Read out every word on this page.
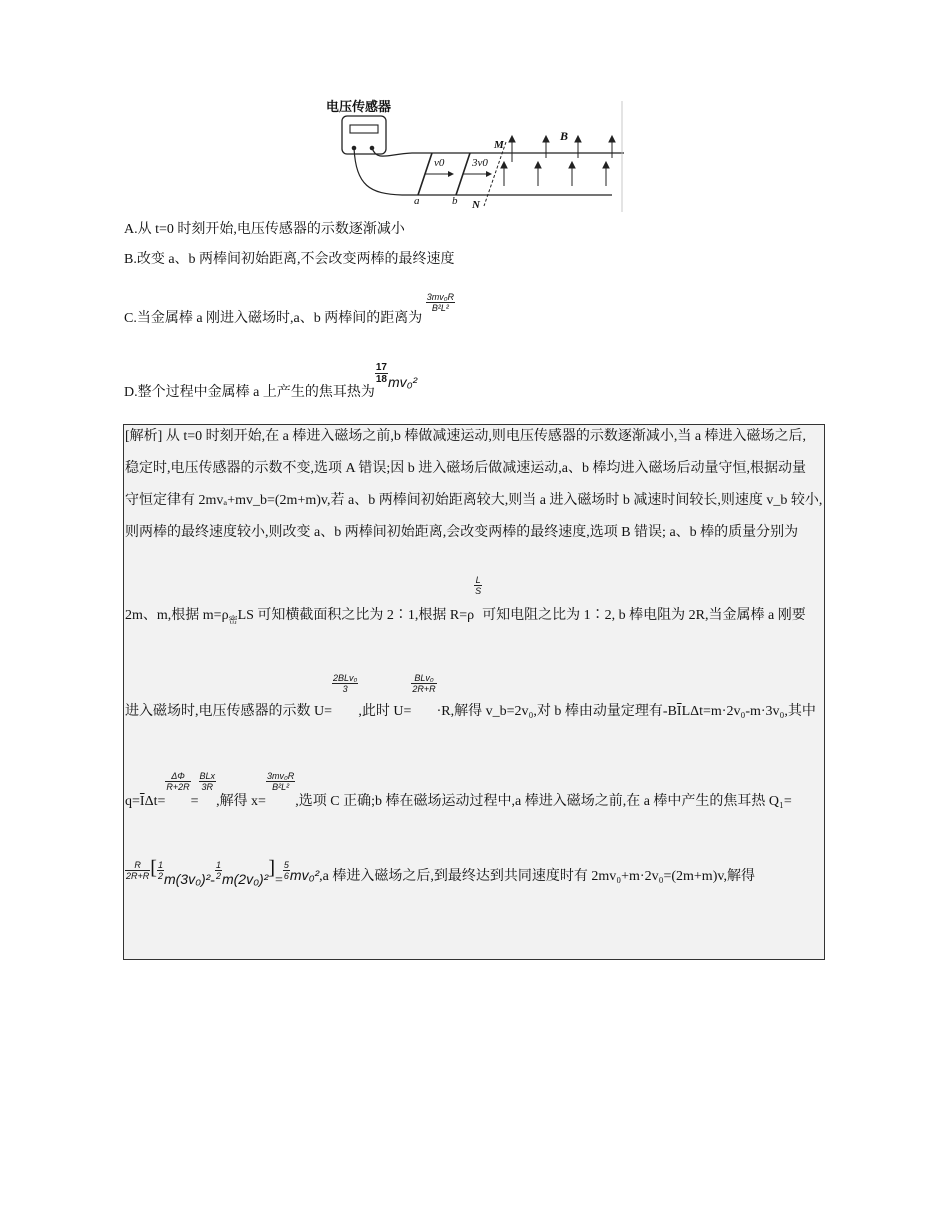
电压传感器
v0	3v0
M
N
a	b
B
A.从 t=0 时刻开始,电压传感器的示数逐渐减小
B.改变 a、b 两棒间初始距离,不会改变两棒的最终速度
C.当金属棒 a 刚进入磁场时,a、b 两棒间的距离为
$\frac{\text{3mv₀R}}{\text{B²L²}}$
D.整个过程中金属棒 a 上产生的焦耳热为
$\frac{17}{18} mv_0^2$
[解析] 从 t=0 时刻开始,在 a 棒进入磁场之前,b 棒做减速运动,则电压传感器的示数逐渐减小,当 a 棒进入磁场之后,
稳定时,电压传感器的示数不变,选项 A 错误;因 b 进入磁场后做减速运动,a、b 棒均进入磁场后动量守恒,根据动量
守恒定律有 2mvₐ+mv_b=(2m+m)v,若 a、b 两棒间初始距离较大,则当 a 进入磁场时 b 减速时间较长,则速度 v_b 较小,
则两棒的最终速度较小,则改变 a、b 两棒间初始距离,会改变两棒的最终速度,选项 B 错误; a、b 棒的质量分别为
2m、m,根据 $m=\rho_密LS$ 可知横截面积之比为 2∶1,根据 R=ρ
$\frac{L}{S}$
可知电阻之比为 1∶2, b 棒电阻为 2R,当金属棒 a 刚要
进入磁场时,电压传感器的示数 U=
$\frac{\text{2BLv₀}}{3}$
,此时 U=
$\frac{\text{BLv₀}}{2R+R}$
·R,解得 v_b=2v₀,对 b 棒由动量定理有$-B\overline{I}L\Delta t=m\cdot 2v_0-m\cdot 3v_0$,其中
$q=\overline{I}\Delta t=$
$\frac{\Delta\Phi}{R+2R}$
=
$\frac{\text{BLx}}{3R}$
,解得 x=
$\frac{\text{3mv₀R}}{\text{B²L²}}$
,选项 C 正确;b 棒在磁场运动过程中,a 棒进入磁场之前,在 a 棒中产生的焦耳热 Q₁=
$\frac{R}{2R+R}$ [ $\frac{1}{2} m(3v_0)^2- \frac{1}{2} m(2v_0)^2]= \frac{5}{6} mv_0^2,a$ 棒进入磁场之后,到最终达到共同速度时有 2mv₀+m·2v₀=(2m+m)v,解得
